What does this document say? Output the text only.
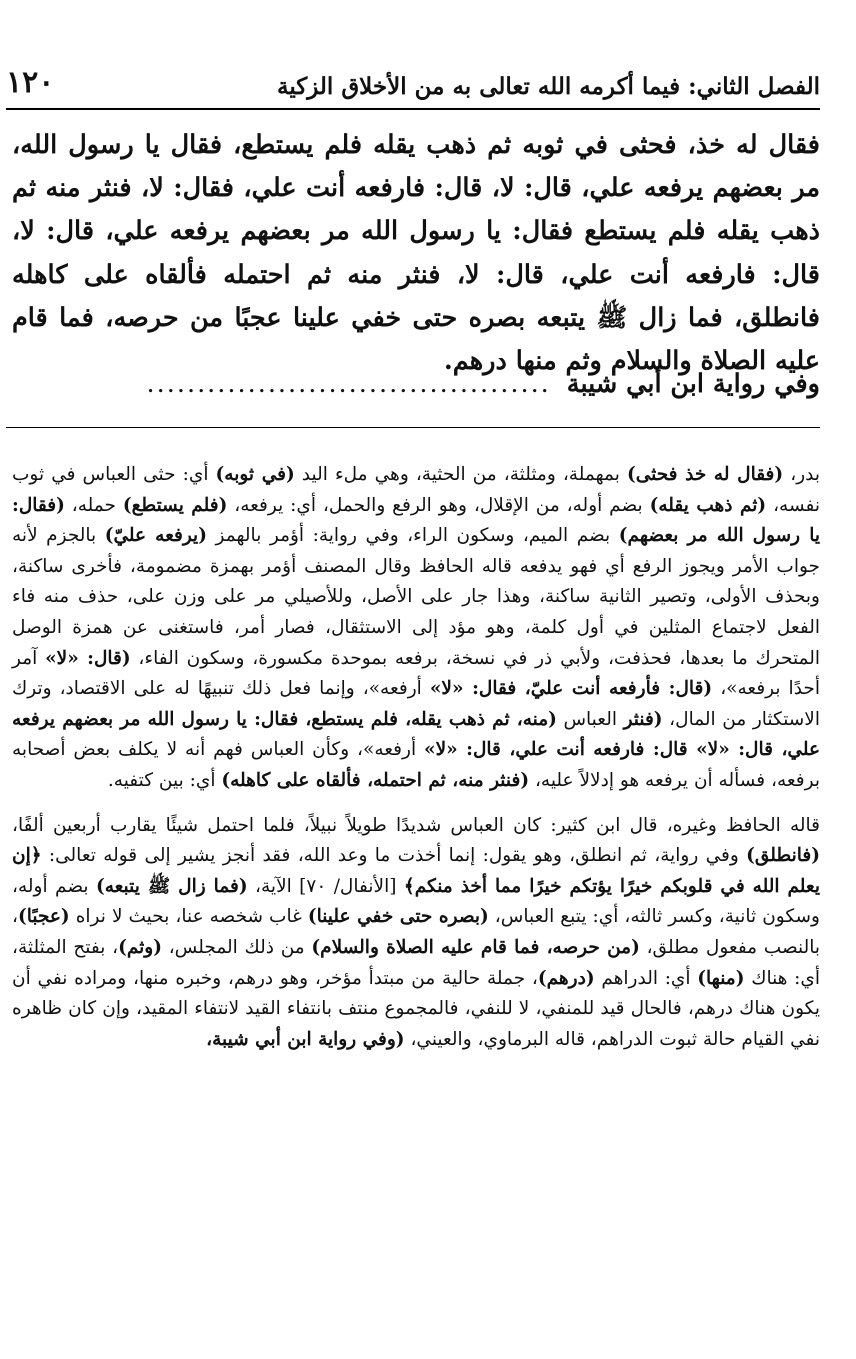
الفصل الثاني: فيما أكرمه الله تعالى به من الأخلاق الزكية
١٢٠

فقال له خذ، فحثى في ثوبه ثم ذهب يقله فلم يستطع، فقال يا رسول الله، مر بعضهم يرفعه علي، قال: لا، قال: فارفعه أنت علي، فقال: لا، فنثر منه ثم ذهب يقله فلم يستطع فقال: يا رسول الله مر بعضهم يرفعه علي، قال: لا، قال: فارفعه أنت علي، قال: لا، فنثر منه ثم احتمله فألقاه على كاهله فانطلق، فما زال ﷺ يتبعه بصره حتى خفي علينا عجبًا من حرصه، فما قام عليه الصلاة والسلام وثم منها درهم.

وفي رواية ابن أبي شيبة
........................................

بدر، (فقال له خذ فحثى) بمهملة، ومثلثة، من الحثية، وهي ملء اليد (في ثوبه) أي: حثى العباس في ثوب نفسه، (ثم ذهب يقله) بضم أوله، من الإقلال، وهو الرفع والحمل، أي: يرفعه، (فلم يستطع) حمله، (فقال: يا رسول الله مر بعضهم) بضم الميم، وسكون الراء، وفي رواية: أؤمر بالهمز (يرفعه عليّ) بالجزم لأنه جواب الأمر ويجوز الرفع أي فهو يدفعه قاله الحافظ وقال المصنف أؤمر بهمزة مضمومة، فأخرى ساكنة، وبحذف الأولى، وتصير الثانية ساكنة، وهذا جار على الأصل، وللأصيلي مر على وزن على، حذف منه فاء الفعل لاجتماع المثلين في أول كلمة، وهو مؤد إلى الاستثقال، فصار أمر، فاستغنى عن همزة الوصل المتحرك ما بعدها، فحذفت، ولأبي ذر في نسخة، برفعه بموحدة مكسورة، وسكون الفاء، (قال: «لا» آمر أحدًا برفعه»، (قال: فأرفعه أنت عليّ، فقال: «لا» أرفعه»، وإنما فعل ذلك تنبيهًا له على الاقتصاد، وترك الاستكثار من المال، (فنثر العباس (منه، ثم ذهب يقله، فلم يستطع، فقال: يا رسول الله مر بعضهم يرفعه علي، قال: «لا» قال: فارفعه أنت علي، قال: «لا» أرفعه»، وكأن العباس فهم أنه لا يكلف بعض أصحابه برفعه، فسأله أن يرفعه هو إدلالاً عليه، (فنثر منه، ثم احتمله، فألقاه على كاهله) أي: بين كتفيه.

قاله الحافظ وغيره، قال ابن كثير: كان العباس شديدًا طويلاً نبيلاً، فلما احتمل شيئًا يقارب أربعين ألفًا، (فانطلق) وفي رواية، ثم انطلق، وهو يقول: إنما أخذت ما وعد الله، فقد أنجز يشير إلى قوله تعالى: ﴿إن يعلم الله في قلوبكم خيرًا يؤتكم خيرًا مما أخذ منكم﴾ [الأنفال/ ٧٠] الآية، (فما زال ﷺ يتبعه) بضم أوله، وسكون ثانية، وكسر ثالثه، أي: يتبع العباس، (بصره حتى خفي علينا) غاب شخصه عنا، بحيث لا نراه (عجبًا)، بالنصب مفعول مطلق، (من حرصه، فما قام عليه الصلاة والسلام) من ذلك المجلس، (وثم)، بفتح المثلثة، أي: هناك (منها) أي: الدراهم (درهم)، جملة حالية من مبتدأ مؤخر، وهو درهم، وخبره منها، ومراده نفي أن يكون هناك درهم، فالحال قيد للمنفي، لا للنفي، فالمجموع منتف بانتفاء القيد لانتفاء المقيد، وإن كان ظاهره نفي القيام حالة ثبوت الدراهم، قاله البرماوي، والعيني، (وفي رواية ابن أبي شيبة،
